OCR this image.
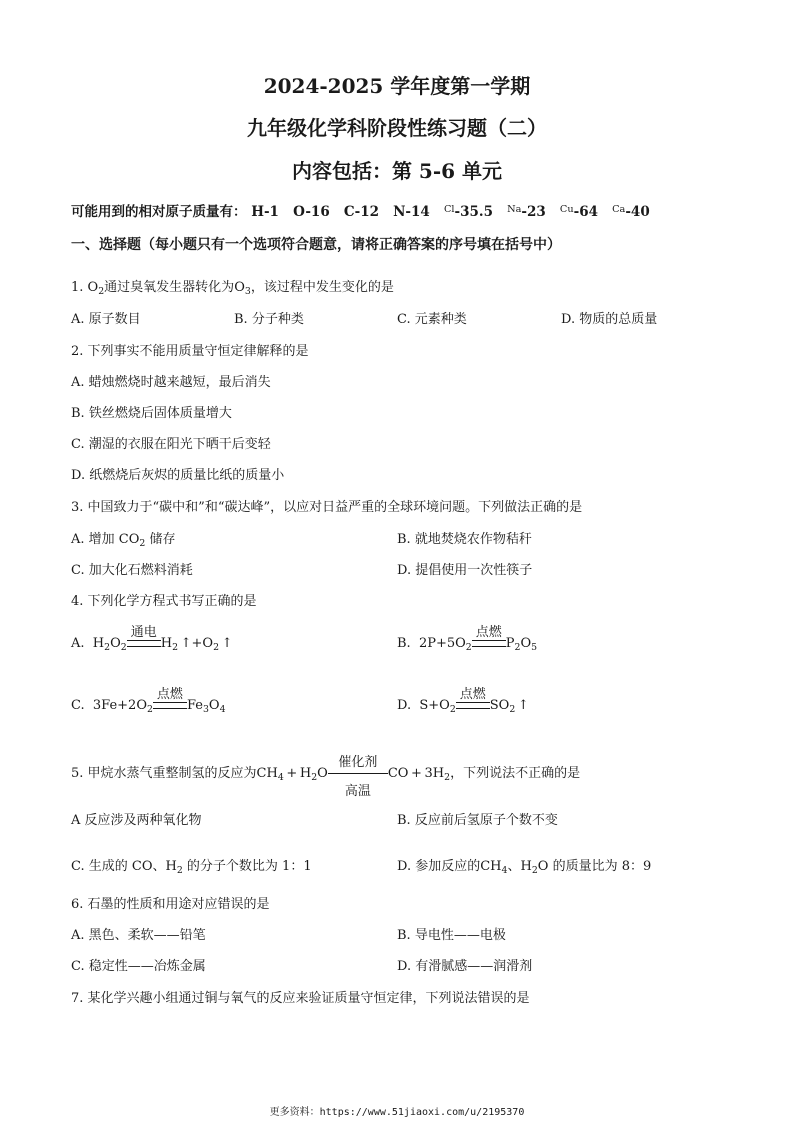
2024-2025 学年度第一学期
九年级化学科阶段性练习题（二）
内容包括：第 5-6 单元
可能用到的相对原子质量有： H-1 O-16 C-12 N-14 $^{Cl}$-35.5 $^{Na}$-23 $^{Cu}$-64 $^{Ca}$-40
一、选择题（每小题只有一个选项符合题意，请将正确答案的序号填在括号中）
1. $O_2$通过臭氧发生器转化为$O_3$，该过程中发生变化的是
A. 原子数目	B. 分子种类	C. 元素种类	D. 物质的总质量
2. 下列事实不能用质量守恒定律解释的是
A. 蜡烛燃烧时越来越短，最后消失
B. 铁丝燃烧后固体质量增大
C. 潮湿的衣服在阳光下晒干后变轻
D. 纸燃烧后灰烬的质量比纸的质量小
3. 中国致力于“碳中和”和“碳达峰”，以应对日益严重的全球环境问题。下列做法正确的是
A. 增加 $CO_2$ 储存	B. 就地焚烧农作物秸秆
C. 加大化石燃料消耗	D. 提倡使用一次性筷子
4. 下列化学方程式书写正确的是
A.  $H_2O_2$
通电
$H_2$ $↑+O_2$ ↑	B.  $2P+5O_2$
点燃
$P_2O_5$
C.  $3Fe+2O_2$
点燃
$Fe_3O_4$	D.  $S+O_2$
点燃
$SO_2$ ↑
5. 甲烷水蒸气重整制氢的反应为$CH_4 + H_2O$
催化剂
高温
CO + $3H_2$，下列说法不正确的是
A 反应涉及两种氧化物	B. 反应前后氢原子个数不变
C. 生成的 CO、$H_2$ 的分子个数比为 1：1	D. 参加反应的$CH_4$、$H_2O$ 的质量比为 8：9
6. 石墨的性质和用途对应错误的是
A. 黑色、柔软——铅笔	B. 导电性——电极
C. 稳定性——冶炼金属	D. 有滑腻感——润滑剂
7. 某化学兴趣小组通过铜与氧气的反应来验证质量守恒定律，下列说法错误的是
更多资料：https://www.51jiaoxi.com/u/2195370
